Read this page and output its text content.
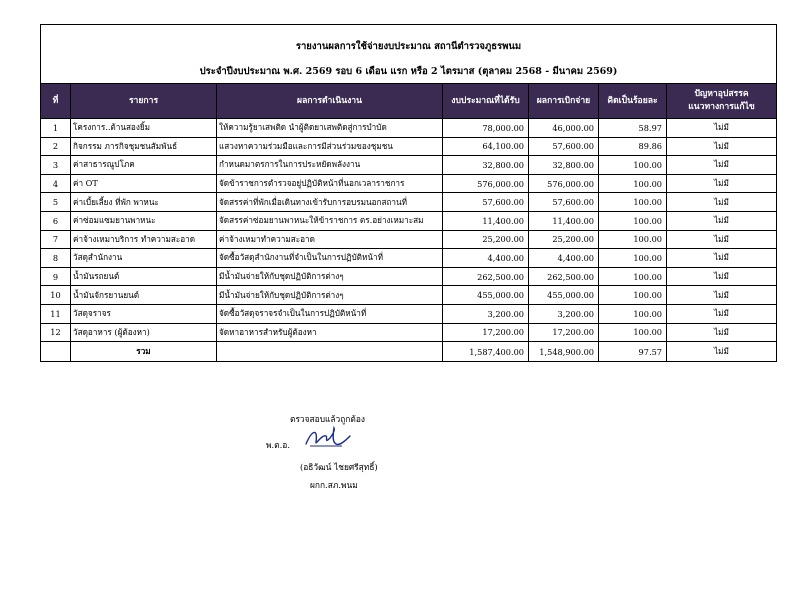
รายงานผลการใช้จ่ายงบประมาณ สถานีตำรวจภูธรพนม
ประจำปีงบประมาณ พ.ศ. 2569 รอบ 6 เดือน แรก หรือ 2 ไตรมาส (ตุลาคม 2568 - มีนาคม 2569)						

ที่	รายการ	ผลการดำเนินงาน	งบประมาณที่ได้รับ	ผลการเบิกจ่าย	คิดเป็นร้อยละ	ปัญหาอุปสรรค
แนวทางการแก้ไข

1	โครงการ..ต้านสองยิ้ม	ให้ความรู้ยาเสพติด นำผู้ติดยาเสพติดสู่การบำบัด	78,000.00	46,000.00	58.97	ไม่มี
2	กิจกรรม ภารกิจชุมชนสัมพันธ์	แสวงหาความร่วมมือและการมีส่วนร่วมของชุมชน	64,100.00	57,600.00	89.86	ไม่มี
3	ค่าสาธารณูปโภค	กำหนดมาตรการในการประหยัดพลังงาน	32,800.00	32,800.00	100.00	ไม่มี
4	ค่า OT	จัดข้าราชการตำรวจอยู่ปฏิบัติหน้าที่นอกเวลาราชการ	576,000.00	576,000.00	100.00	ไม่มี
5	ค่าเบี้ยเลี้ยง ที่พัก พาหนะ	จัดสรรค่าที่พักเมื่อเดินทางเข้ารับการอบรมนอกสถานที่	57,600.00	57,600.00	100.00	ไม่มี
6	ค่าซ่อมแซมยานพาหนะ	จัดสรรค่าซ่อมยานพาหนะให้ข้าราชการ ตร.อย่างเหมาะสม	11,400.00	11,400.00	100.00	ไม่มี
7	ค่าจ้างเหมาบริการ ทำความสะอาด	ค่าจ้างเหมาทำความสะอาด	25,200.00	25,200.00	100.00	ไม่มี
8	วัสดุสำนักงาน	จัดซื้อวัสดุสำนักงานที่จำเป็นในการปฏิบัติหน้าที่	4,400.00	4,400.00	100.00	ไม่มี
9	น้ำมันรถยนต์	มีน้ำมันจ่ายให้กับชุดปฏิบัติการต่างๆ	262,500.00	262,500.00	100.00	ไม่มี
10	น้ำมันจักรยานยนต์	มีน้ำมันจ่ายให้กับชุดปฏิบัติการต่างๆ	455,000.00	455,000.00	100.00	ไม่มี
11	วัสดุจราจร	จัดซื้อวัสดุจราจรจำเป็นในการปฏิบัติหน้าที่	3,200.00	3,200.00	100.00	ไม่มี
12	วัสดุอาหาร (ผู้ต้องหา)	จัดหาอาหารสำหรับผู้ต้องหา	17,200.00	17,200.00	100.00	ไม่มี
	รวม		1,587,400.00	1,548,900.00	97.57	ไม่มี
ตรวจสอบแล้วถูกต้อง
พ.ต.อ.
(อธิวัฒน์ ไชยศรีสุทธิ์)
ผกก.สภ.พนม
